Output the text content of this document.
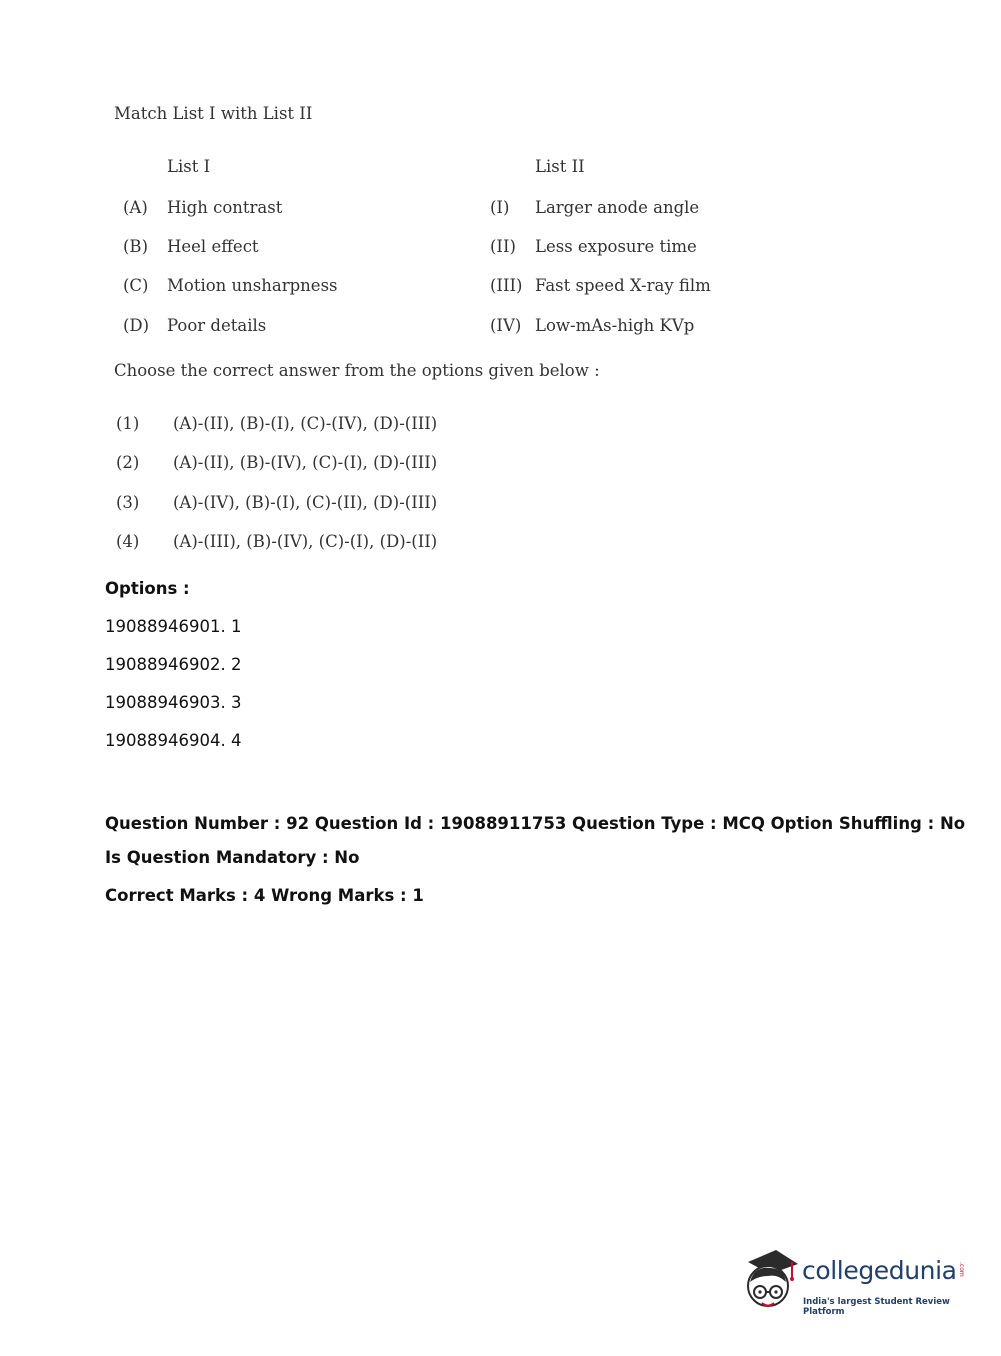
Match List I with List II
List I	List II
(A) High contrast	(I) Larger anode angle
(B) Heel effect	(II) Less exposure time
(C) Motion unsharpness	(III) Fast speed X-ray film
(D) Poor details	(IV) Low-mAs-high KVp
Choose the correct answer from the options given below :
(1) (A)-(II), (B)-(I), (C)-(IV), (D)-(III)
(2) (A)-(II), (B)-(IV), (C)-(I), (D)-(III)
(3) (A)-(IV), (B)-(I), (C)-(II), (D)-(III)
(4) (A)-(III), (B)-(IV), (C)-(I), (D)-(II)
Options :
19088946901. 1
19088946902. 2
19088946903. 3
19088946904. 4
Question Number : 92 Question Id : 19088911753 Question Type : MCQ Option Shuffling : No
Is Question Mandatory : No
Correct Marks : 4 Wrong Marks : 1
collegedunia .com
India's largest Student Review Platform
